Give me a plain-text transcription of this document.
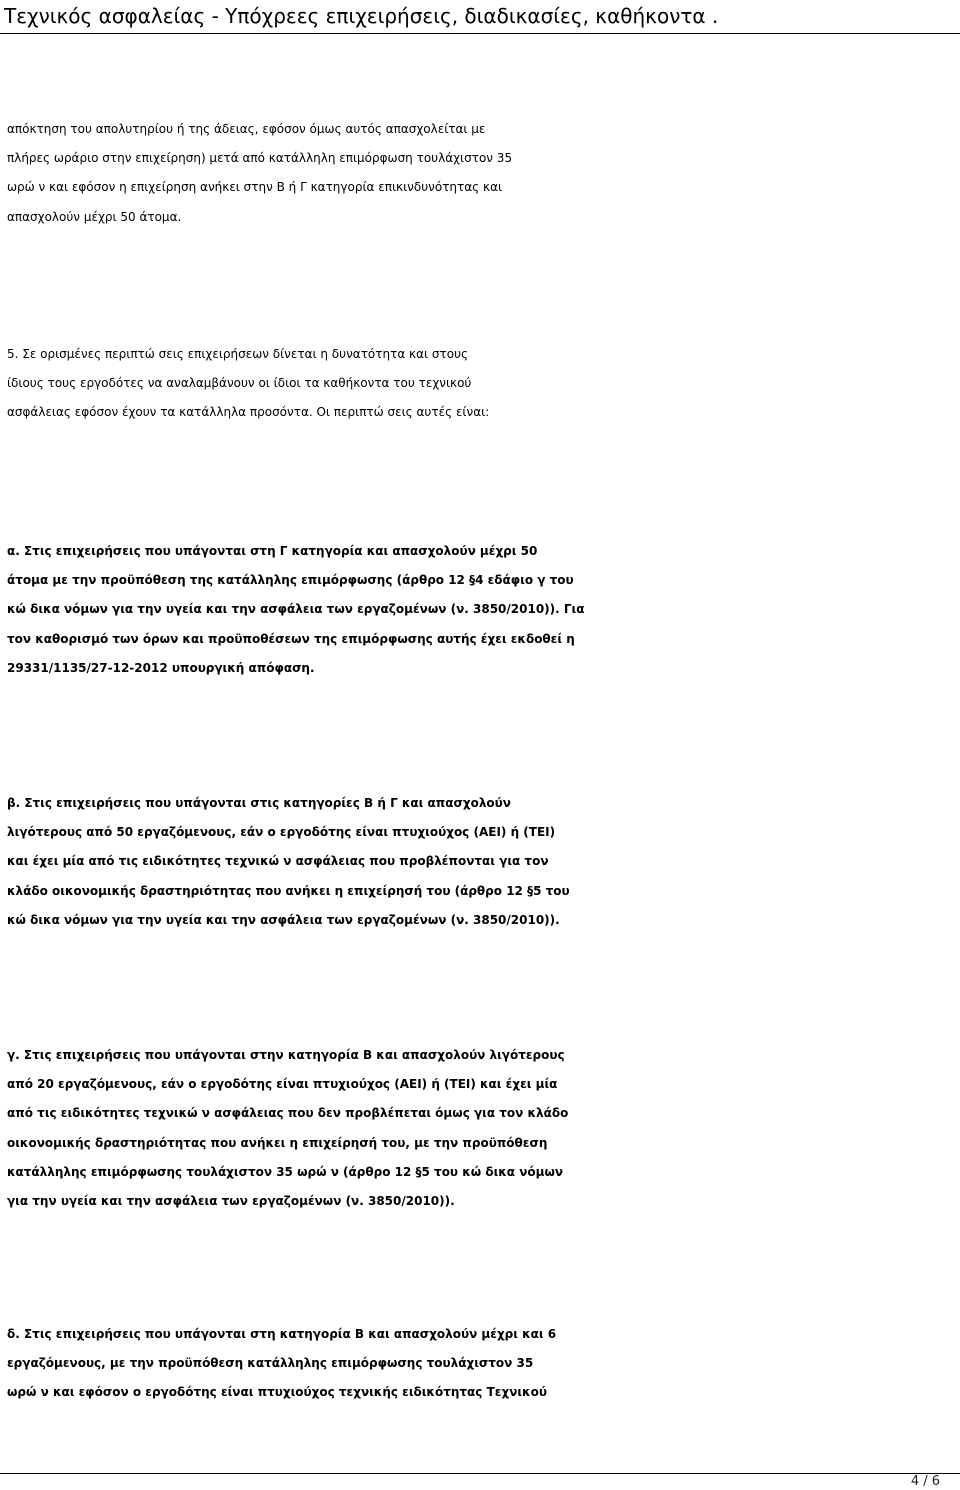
Τεχνικός ασφαλείας - Υπόχρεες επιχειρήσεις, διαδικασίες, καθήκοντα .
απόκτηση του απολυτηρίου ή της άδειας, εφόσον όμως αυτός απασχολείται με
πλήρες ωράριο στην επιχείρηση) μετά από κατάλληλη επιμόρφωση τουλάχιστον 35
ωρώ ν και εφόσον η επιχείρηση ανήκει στην Β ή Γ κατηγορία επικινδυνότητας και
απασχολούν μέχρι 50 άτομα.
5. Σε ορισμένες περιπτώ σεις επιχειρήσεων δίνεται η δυνατότητα και στους
ίδιους τους εργοδότες να αναλαμβάνουν οι ίδιοι τα καθήκοντα του τεχνικού
ασφάλειας εφόσον έχουν τα κατάλληλα προσόντα. Οι περιπτώ σεις αυτές είναι:
α. Στις επιχειρήσεις που υπάγονται στη Γ κατηγορία και απασχολούν μέχρι 50
άτομα με την προϋπόθεση της κατάλληλης επιμόρφωσης (άρθρο 12 §4 εδάφιο γ του
κώ δικα νόμων για την υγεία και την ασφάλεια των εργαζομένων (ν. 3850/2010)). Για
τον καθορισμό των όρων και προϋποθέσεων της επιμόρφωσης αυτής έχει εκδοθεί η
29331/1135/27-12-2012 υπουργική απόφαση.
β. Στις επιχειρήσεις που υπάγονται στις κατηγορίες Β ή Γ και απασχολούν
λιγότερους από 50 εργαζόμενους, εάν ο εργοδότης είναι πτυχιούχος (ΑΕΙ) ή (ΤΕΙ)
και έχει μία από τις ειδικότητες τεχνικώ ν ασφάλειας που προβλέπονται για τον
κλάδο οικονομικής δραστηριότητας που ανήκει η επιχείρησή του (άρθρο 12 §5 του
κώ δικα νόμων για την υγεία και την ασφάλεια των εργαζομένων (ν. 3850/2010)).
γ. Στις επιχειρήσεις που υπάγονται στην κατηγορία Β και απασχολούν λιγότερους
από 20 εργαζόμενους, εάν ο εργοδότης είναι πτυχιούχος (ΑΕΙ) ή (ΤΕΙ) και έχει μία
από τις ειδικότητες τεχνικώ ν ασφάλειας που δεν προβλέπεται όμως για τον κλάδο
οικονομικής δραστηριότητας που ανήκει η επιχείρησή του, με την προϋπόθεση
κατάλληλης επιμόρφωσης τουλάχιστον 35 ωρώ ν (άρθρο 12 §5 του κώ δικα νόμων
για την υγεία και την ασφάλεια των εργαζομένων (ν. 3850/2010)).
δ. Στις επιχειρήσεις που υπάγονται στη κατηγορία Β και απασχολούν μέχρι και 6
εργαζόμενους, με την προϋπόθεση κατάλληλης επιμόρφωσης τουλάχιστον 35
ωρώ ν και εφόσον ο εργοδότης είναι πτυχιούχος τεχνικής ειδικότητας Τεχνικού
4 / 6
